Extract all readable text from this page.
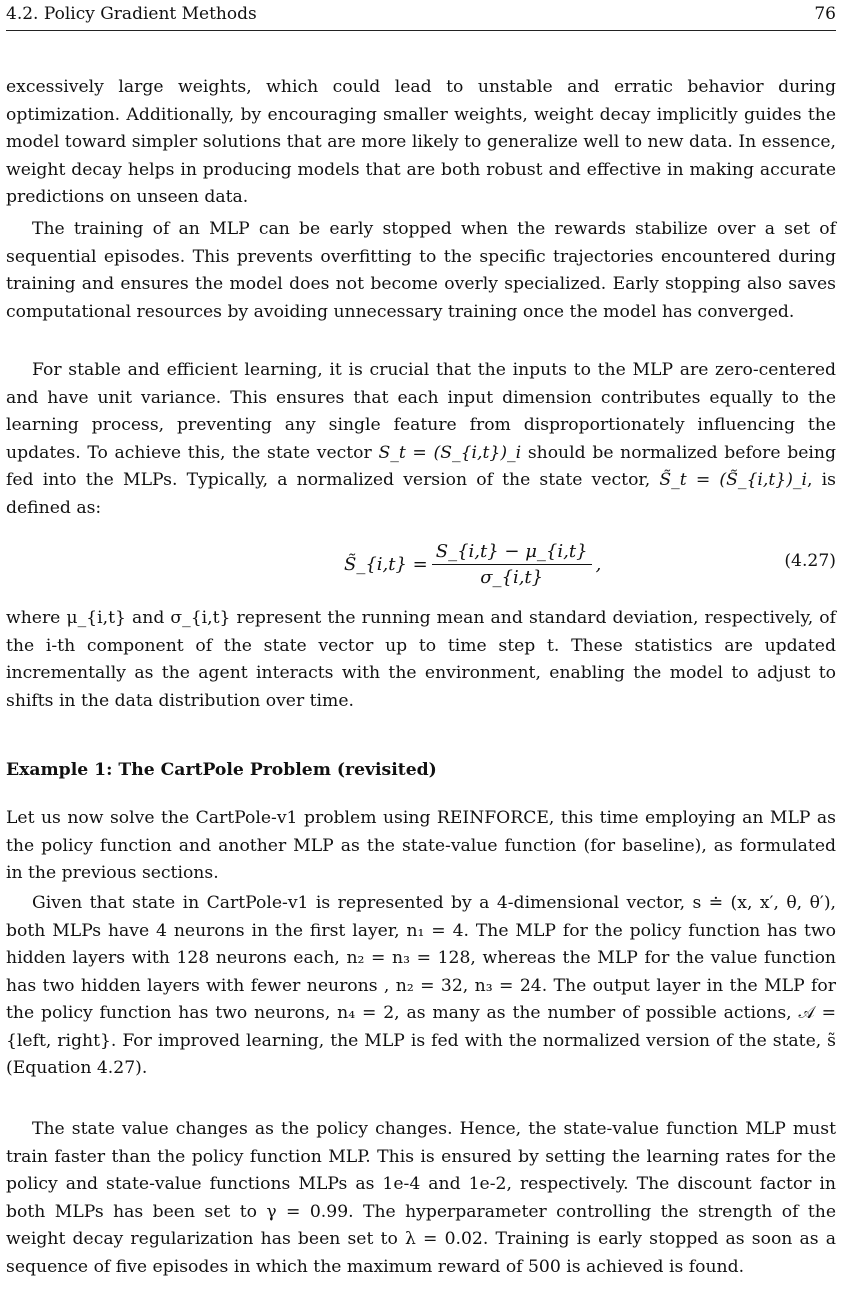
4.2. Policy Gradient Methods	76

excessively large weights, which could lead to unstable and erratic behavior during optimization. Additionally, by encouraging smaller weights, weight decay implicitly guides the model toward simpler solutions that are more likely to generalize well to new data. In essence, weight decay helps in producing models that are both robust and effective in making accurate predictions on unseen data.

The training of an MLP can be early stopped when the rewards stabilize over a set of sequential episodes. This prevents overfitting to the specific trajectories encountered during training and ensures the model does not become overly specialized. Early stopping also saves computational resources by avoiding unnecessary training once the model has converged.

For stable and efficient learning, it is crucial that the inputs to the MLP are zero-centered and have unit variance. This ensures that each input dimension contributes equally to the learning process, preventing any single feature from disproportionately influencing the updates. To achieve this, the state vector S_t = (S_{i,t})_i should be normalized before being fed into the MLPs. Typically, a normalized version of the state vector, S̃_t = (S̃_{i,t})_i, is defined as:

S̃_{i,t} = $\frac{S\_\{i,t\} - \mu\_\{i,t\}}{\sigma\_\{i,t\}}$ ,	(4.27)

where μ_{i,t} and σ_{i,t} represent the running mean and standard deviation, respectively, of the i-th component of the state vector up to time step t. These statistics are updated incrementally as the agent interacts with the environment, enabling the model to adjust to shifts in the data distribution over time.

Example 1: The CartPole Problem (revisited)

Let us now solve the CartPole-v1 problem using REINFORCE, this time employing an MLP as the policy function and another MLP as the state-value function (for baseline), as formulated in the previous sections.

Given that state in CartPole-v1 is represented by a 4-dimensional vector, s ≐ (x, x′, θ, θ′), both MLPs have 4 neurons in the first layer, n₁ = 4. The MLP for the policy function has two hidden layers with 128 neurons each, n₂ = n₃ = 128, whereas the MLP for the value function has two hidden layers with fewer neurons , n₂ = 32, n₃ = 24. The output layer in the MLP for the policy function has two neurons, n₄ = 2, as many as the number of possible actions, 𝒜 = {left, right}. For improved learning, the MLP is fed with the normalized version of the state, s̃ (Equation 4.27).

The state value changes as the policy changes. Hence, the state-value function MLP must train faster than the policy function MLP. This is ensured by setting the learning rates for the policy and state-value functions MLPs as 1e-4 and 1e-2, respectively. The discount factor in both MLPs has been set to γ = 0.99. The hyperparameter controlling the strength of the weight decay regularization has been set to λ = 0.02. Training is early stopped as soon as a sequence of five episodes in which the maximum reward of 500 is achieved is found.
